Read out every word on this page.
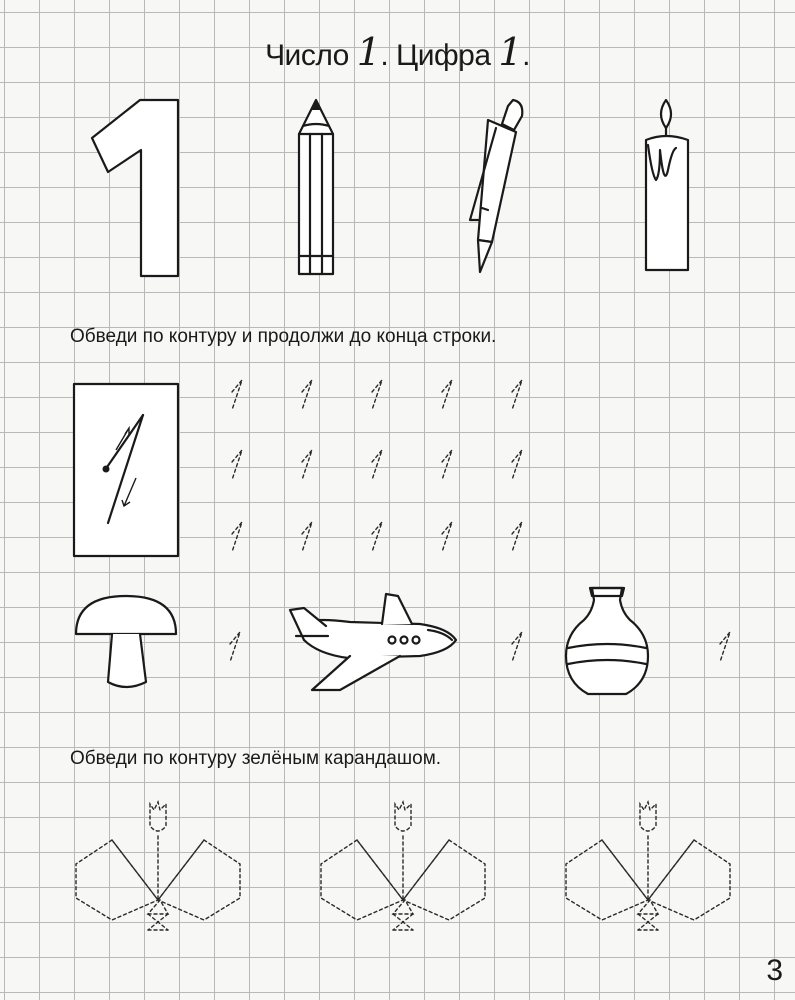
Число 1. Цифра 1.
Обведи по контуру и продолжи до конца строки.
Обведи по контуру зелёным карандашом.
3
